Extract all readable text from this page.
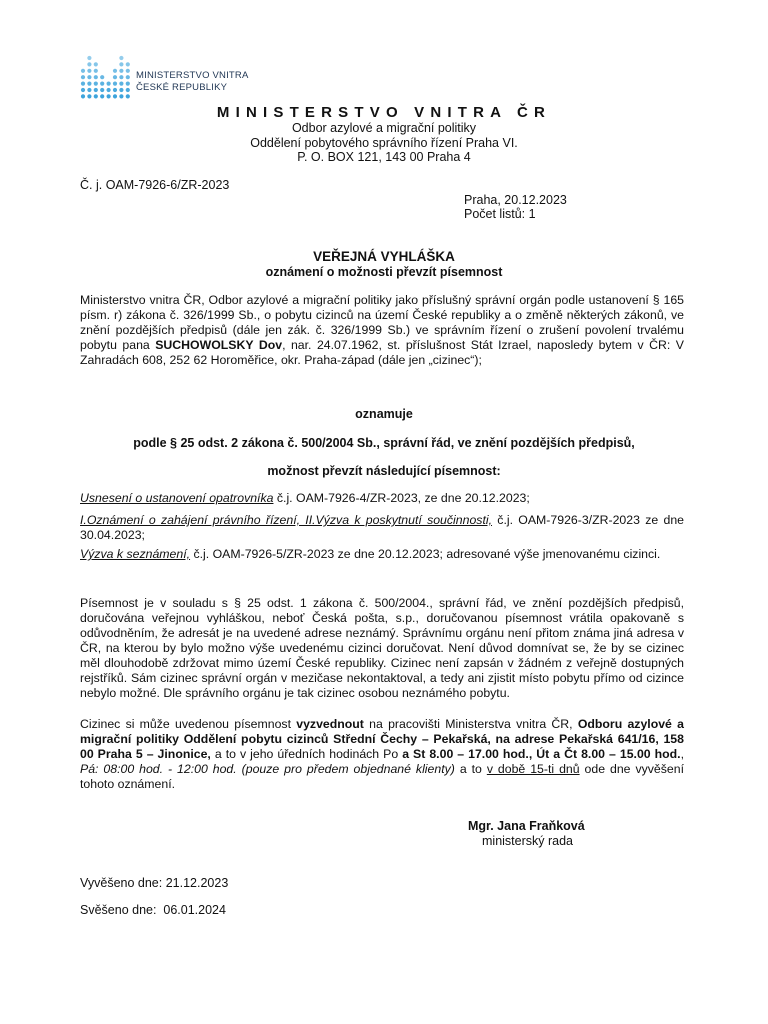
MINISTERSTVO VNITRA
ČESKÉ REPUBLIKY
MINISTERSTVO VNITRA ČR
Odbor azylové a migrační politiky
Oddělení pobytového správního řízení Praha VI.
P. O. BOX 121, 143 00 Praha 4
Č. j. OAM-7926-6/ZR-2023
Praha, 20.12.2023
Počet listů: 1
VEŘEJNÁ VYHLÁŠKA
oznámení o možnosti převzít písemnost

Ministerstvo vnitra ČR, Odbor azylové a migrační politiky jako příslušný správní orgán podle ustanovení § 165 písm. r) zákona č. 326/1999 Sb., o pobytu cizinců na území České republiky a o změně některých zákonů, ve znění pozdějších předpisů (dále jen zák. č. 326/1999 Sb.) ve správním řízení o zrušení povolení trvalému pobytu pana SUCHOWOLSKY Dov, nar. 24.07.1962, st. příslušnost Stát Izrael, naposledy bytem v ČR: V Zahradách 608, 252 62 Horoměřice, okr. Praha-západ (dále jen „cizinec“);

oznamuje
podle § 25 odst. 2 zákona č. 500/2004 Sb., správní řád, ve znění pozdějších předpisů,
možnost převzít následující písemnost:

Usnesení o ustanovení opatrovníka č.j. OAM-7926-4/ZR-2023, ze dne 20.12.2023;

I.Oznámení o zahájení právního řízení, II.Výzva k poskytnutí součinnosti, č.j. OAM-7926-3/ZR-2023 ze dne 30.04.2023;

Výzva k seznámení, č.j. OAM-7926-5/ZR-2023 ze dne 20.12.2023; adresované výše jmenovanému cizinci.

Písemnost je v souladu s § 25 odst. 1 zákona č. 500/2004., správní řád, ve znění pozdějších předpisů, doručována veřejnou vyhláškou, neboť Česká pošta, s.p., doručovanou písemnost vrátila opakovaně s odůvodněním, že adresát je na uvedené adrese neznámý. Správnímu orgánu není přitom známa jiná adresa v ČR, na kterou by bylo možno výše uvedenému cizinci doručovat. Není důvod domnívat se, že by se cizinec měl dlouhodobě zdržovat mimo území České republiky. Cizinec není zapsán v žádném z veřejně dostupných rejstříků. Sám cizinec správní orgán v mezičase nekontaktoval, a tedy ani zjistit místo pobytu přímo od cizince nebylo možné. Dle správního orgánu je tak cizinec osobou neznámého pobytu.

Cizinec si může uvedenou písemnost vyzvednout na pracovišti Ministerstva vnitra ČR, Odboru azylové a migrační politiky Oddělení pobytu cizinců Střední Čechy – Pekařská, na adrese Pekařská 641/16, 158 00 Praha 5 – Jinonice, a to v jeho úředních hodinách Po a St 8.00 – 17.00 hod., Út a Čt 8.00 – 15.00 hod., Pá: 08:00 hod. - 12:00 hod. (pouze pro předem objednané klienty) a to v době 15-ti dnů ode dne vyvěšení tohoto oznámení.

Mgr. Jana Fraňková
ministerský rada
Vyvěšeno dne: 21.12.2023
Svěšeno dne:  06.01.2024
